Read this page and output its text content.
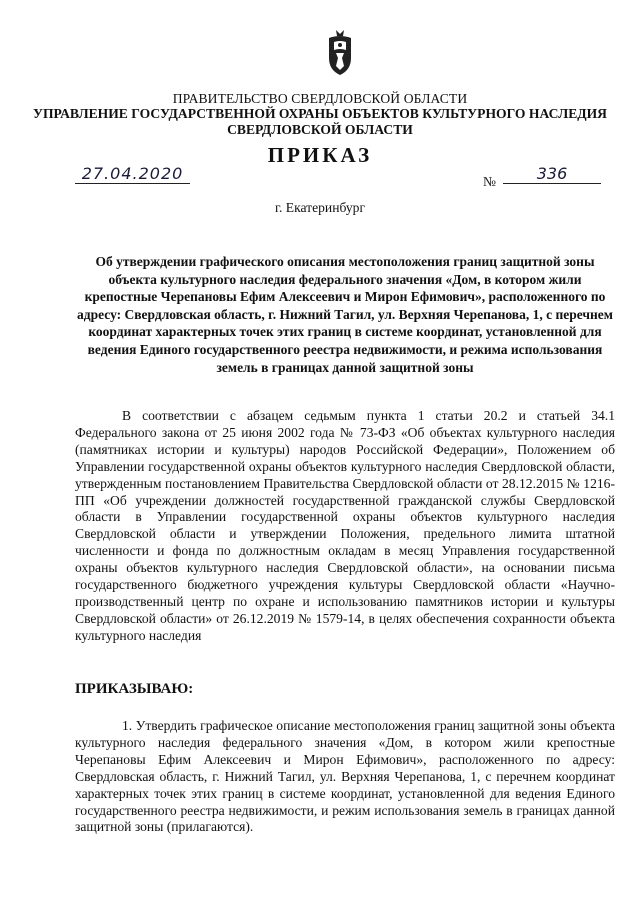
ПРАВИТЕЛЬСТВО СВЕРДЛОВСКОЙ ОБЛАСТИ
УПРАВЛЕНИЕ ГОСУДАРСТВЕННОЙ ОХРАНЫ ОБЪЕКТОВ КУЛЬТУРНОГО НАСЛЕДИЯ
СВЕРДЛОВСКОЙ ОБЛАСТИ
ПРИКАЗ
27.04.2020	№	336
г. Екатеринбург
Об утверждении графического описания местоположения границ защитной зоны объекта культурного наследия федерального значения «Дом, в котором жили крепостные Черепановы Ефим Алексеевич и Мирон Ефимович», расположенного по адресу: Свердловская область, г. Нижний Тагил, ул. Верхняя Черепанова, 1, с перечнем координат характерных точек этих границ в системе координат, установленной для ведения Единого государственного реестра недвижимости, и режима использования земель в границах данной защитной зоны
В соответствии с абзацем седьмым пункта 1 статьи 20.2 и статьей 34.1 Федерального закона от 25 июня 2002 года № 73-ФЗ «Об объектах культурного наследия (памятниках истории и культуры) народов Российской Федерации», Положением об Управлении государственной охраны объектов культурного наследия Свердловской области, утвержденным постановлением Правительства Свердловской области от 28.12.2015 № 1216-ПП «Об учреждении должностей государственной гражданской службы Свердловской области в Управлении государственной охраны объектов культурного наследия Свердловской области и утверждении Положения, предельного лимита штатной численности и фонда по должностным окладам в месяц Управления государственной охраны объектов культурного наследия Свердловской области», на основании письма государственного бюджетного учреждения культуры Свердловской области «Научно-производственный центр по охране и использованию памятников истории и культуры Свердловской области» от 26.12.2019 № 1579-14, в целях обеспечения сохранности объекта культурного наследия
ПРИКАЗЫВАЮ:
1. Утвердить графическое описание местоположения границ защитной зоны объекта культурного наследия федерального значения «Дом, в котором жили крепостные Черепановы Ефим Алексеевич и Мирон Ефимович», расположенного по адресу: Свердловская область, г. Нижний Тагил, ул. Верхняя Черепанова, 1, с перечнем координат характерных точек этих границ в системе координат, установленной для ведения Единого государственного реестра недвижимости, и режим использования земель в границах данной защитной зоны (прилагаются).
